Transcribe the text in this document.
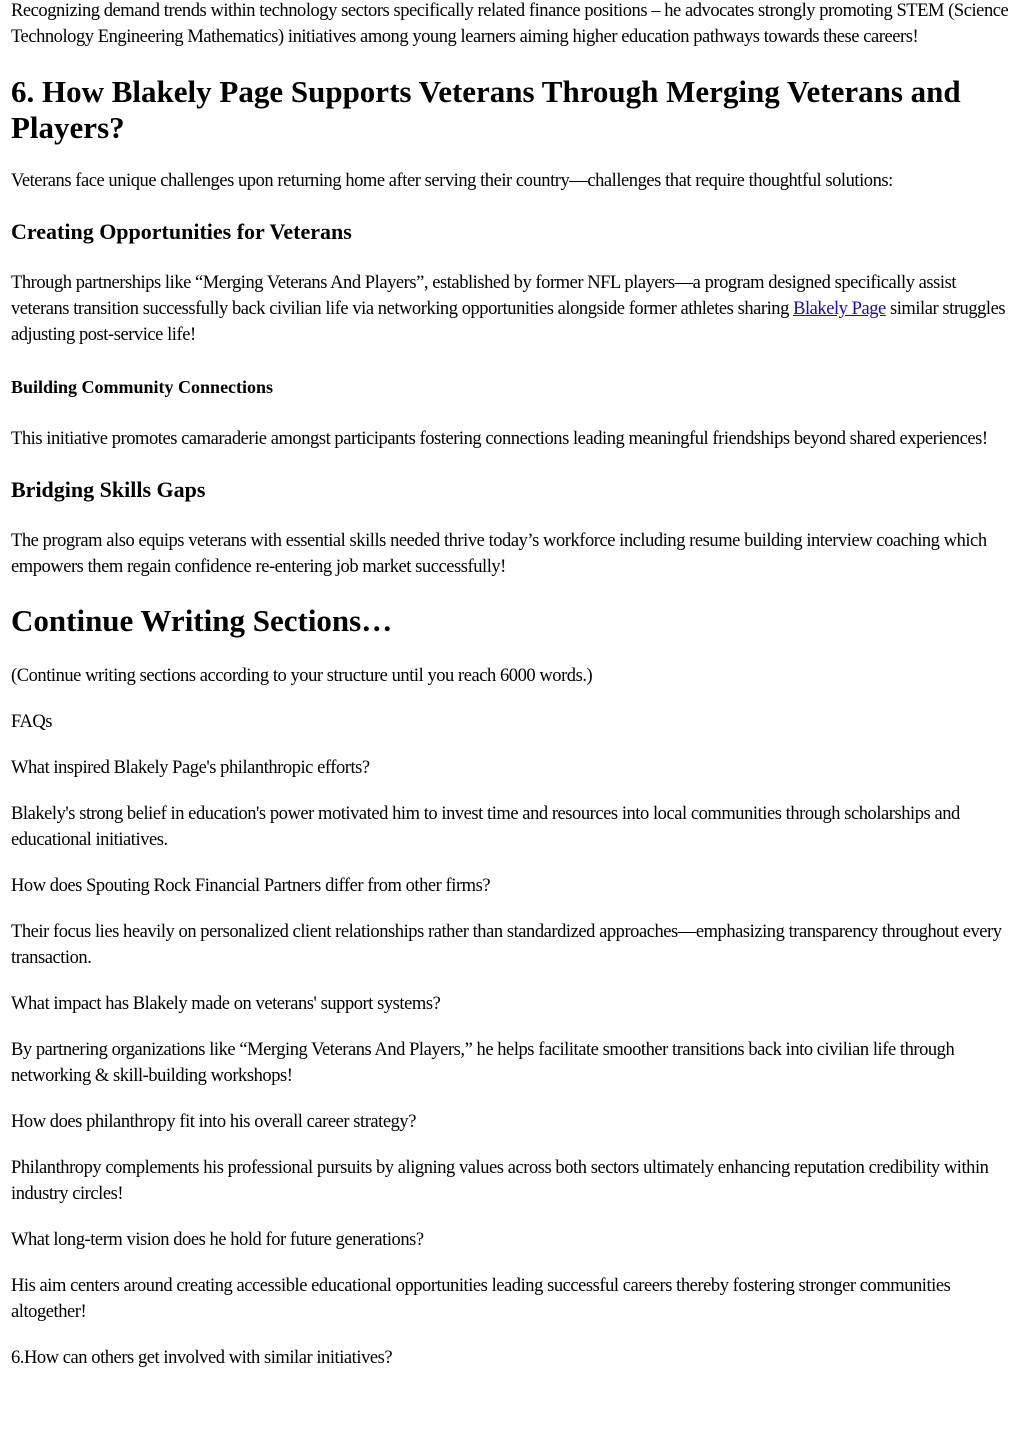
Recognizing demand trends within technology sectors specifically related finance positions – he advocates strongly promoting STEM (Science Technology Engineering Mathematics) initiatives among young learners aiming higher education pathways towards these careers!

6. How Blakely Page Supports Veterans Through Merging Veterans and Players?

Veterans face unique challenges upon returning home after serving their country—challenges that require thoughtful solutions:

Creating Opportunities for Veterans

Through partnerships like “Merging Veterans And Players”, established by former NFL players—a program designed specifically assist veterans transition successfully back civilian life via networking opportunities alongside former athletes sharing Blakely Page similar struggles adjusting post-service life!

Building Community Connections

This initiative promotes camaraderie amongst participants fostering connections leading meaningful friendships beyond shared experiences!

Bridging Skills Gaps

The program also equips veterans with essential skills needed thrive today’s workforce including resume building interview coaching which empowers them regain confidence re-entering job market successfully!

Continue Writing Sections…

(Continue writing sections according to your structure until you reach 6000 words.)

FAQs

What inspired Blakely Page's philanthropic efforts?

Blakely's strong belief in education's power motivated him to invest time and resources into local communities through scholarships and educational initiatives.

How does Spouting Rock Financial Partners differ from other firms?

Their focus lies heavily on personalized client relationships rather than standardized approaches—emphasizing transparency throughout every transaction.

What impact has Blakely made on veterans' support systems?

By partnering organizations like “Merging Veterans And Players,” he helps facilitate smoother transitions back into civilian life through networking & skill-building workshops!

How does philanthropy fit into his overall career strategy?

Philanthropy complements his professional pursuits by aligning values across both sectors ultimately enhancing reputation credibility within industry circles!

What long-term vision does he hold for future generations?

His aim centers around creating accessible educational opportunities leading successful careers thereby fostering stronger communities altogether!

6.How can others get involved with similar initiatives?
